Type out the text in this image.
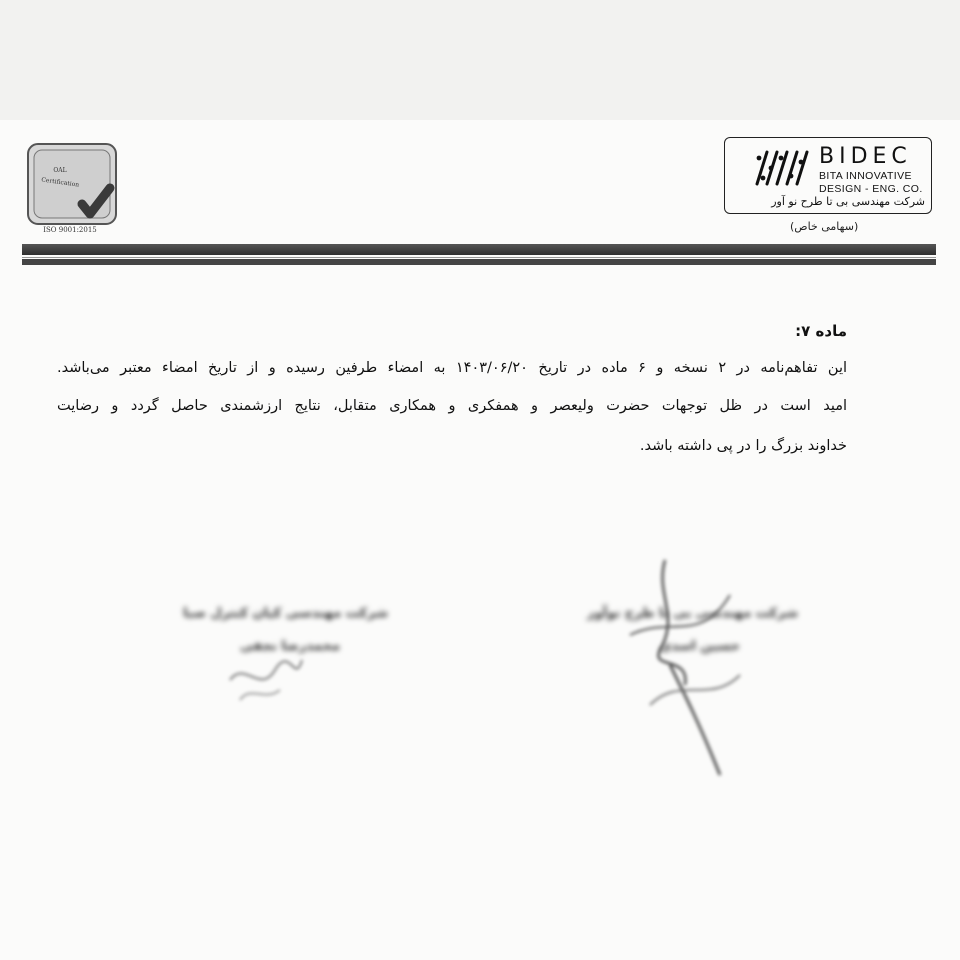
OAL
Certification
ISO 9001:2015
BIDEC
BITA INNOVATIVE
DESIGN - ENG. CO.
شرکت مهندسی بی تا طرح نو آور
(سهامی خاص)
ماده ۷:
این تفاهم‌نامه در ۲ نسخه و ۶ ماده در تاریخ ۱۴۰۳/۰۶/۲۰ به امضاء طرفین رسیده و از تاریخ امضاء معتبر می‌باشد.
امید است در ظل توجهات حضرت ولیعصر و همفکری و همکاری متقابل، نتایج ارزشمندی حاصل گردد و رضایت
خداوند بزرگ را در پی داشته باشد.
شرکت مهندسی کیان کنترل صبا
محمدرضا نجفی
شرکت مهندسی بی تا طرح نوآور
حسین اسدی
